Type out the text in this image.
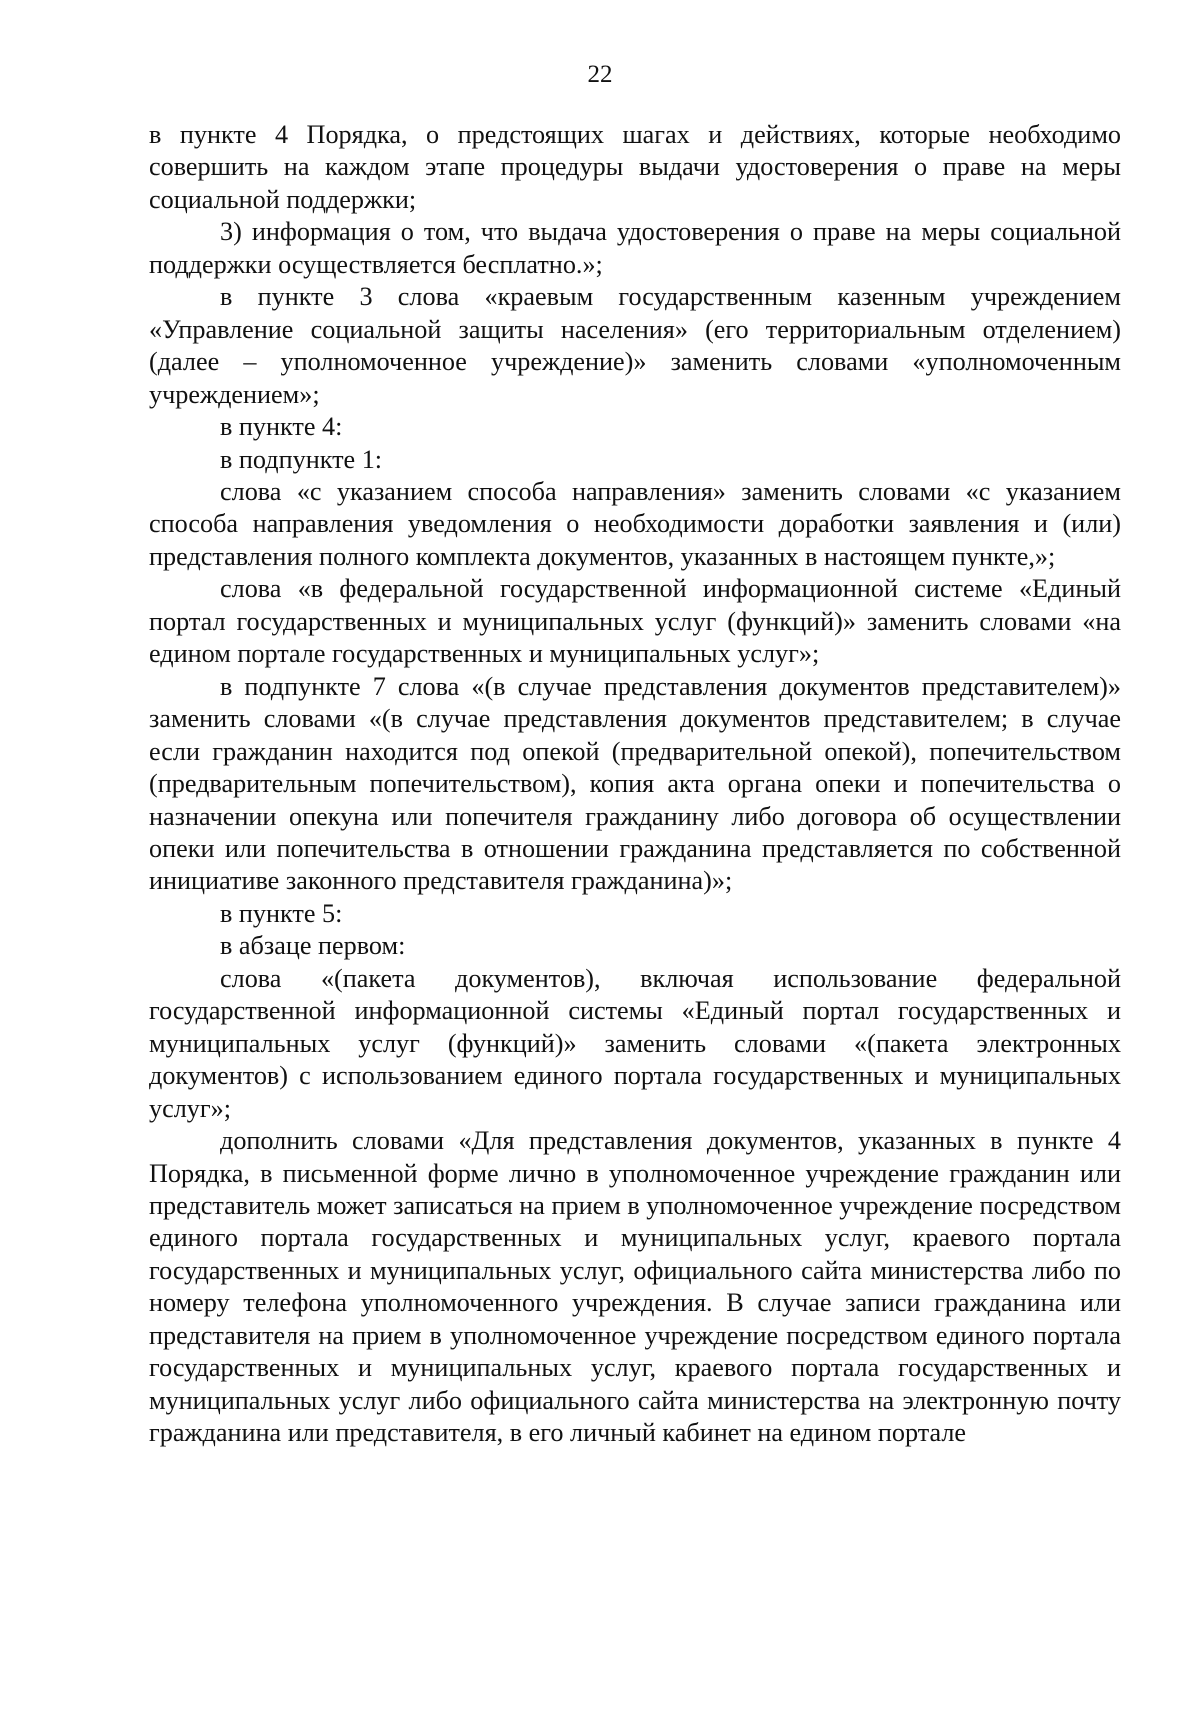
22

в пункте 4 Порядка, о предстоящих шагах и действиях, которые необходимо совершить на каждом этапе процедуры выдачи удостоверения о праве на меры социальной поддержки;

3) информация о том, что выдача удостоверения о праве на меры социальной поддержки осуществляется бесплатно.»;

в пункте 3 слова «краевым государственным казенным учреждением «Управление социальной защиты населения» (его территориальным отделением) (далее – уполномоченное учреждение)» заменить словами «уполномоченным учреждением»;

в пункте 4:

в подпункте 1:

слова «с указанием способа направления» заменить словами «с указанием способа направления уведомления о необходимости доработки заявления и (или) представления полного комплекта документов, указанных в настоящем пункте,»;

слова «в федеральной государственной информационной системе «Единый портал государственных и муниципальных услуг (функций)» заменить словами «на едином портале государственных и муниципальных услуг»;

в подпункте 7 слова «(в случае представления документов представителем)» заменить словами «(в случае представления документов представителем; в случае если гражданин находится под опекой (предварительной опекой), попечительством (предварительным попечительством), копия акта органа опеки и попечительства о назначении опекуна или попечителя гражданину либо договора об осуществлении опеки или попечительства в отношении гражданина представляется по собственной инициативе законного представителя гражданина)»;

в пункте 5:

в абзаце первом:

слова «(пакета документов), включая использование федеральной государственной информационной системы «Единый портал государственных и муниципальных услуг (функций)» заменить словами «(пакета электронных документов) с использованием единого портала государственных и муниципальных услуг»;

дополнить словами «Для представления документов, указанных в пункте 4 Порядка, в письменной форме лично в уполномоченное учреждение гражданин или представитель может записаться на прием в уполномоченное учреждение посредством единого портала государственных и муниципальных услуг, краевого портала государственных и муниципальных услуг, официального сайта министерства либо по номеру телефона уполномоченного учреждения. В случае записи гражданина или представителя на прием в уполномоченное учреждение посредством единого портала государственных и муниципальных услуг, краевого портала государственных и муниципальных услуг либо официального сайта министерства на электронную почту гражданина или представителя, в его личный кабинет на едином портале
